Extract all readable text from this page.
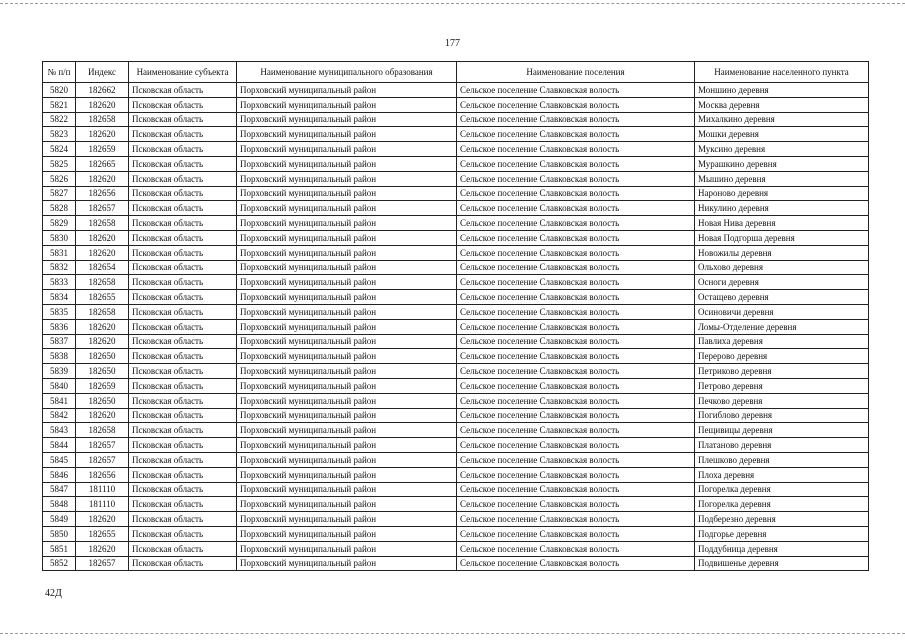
177
№ п/п	Индекс	Наименование субъекта	Наименование муниципального образования	Наименование поселения	Наименование населенного пункта
5820	182662	Псковская область	Порховский муниципальный район	Сельское поселение Славковская волость	Моншино деревня
5821	182620	Псковская область	Порховский муниципальный район	Сельское поселение Славковская волость	Москва деревня
5822	182658	Псковская область	Порховский муниципальный район	Сельское поселение Славковская волость	Михалкино деревня
5823	182620	Псковская область	Порховский муниципальный район	Сельское поселение Славковская волость	Мошки деревня
5824	182659	Псковская область	Порховский муниципальный район	Сельское поселение Славковская волость	Муксино деревня
5825	182665	Псковская область	Порховский муниципальный район	Сельское поселение Славковская волость	Мурашкино деревня
5826	182620	Псковская область	Порховский муниципальный район	Сельское поселение Славковская волость	Мышино деревня
5827	182656	Псковская область	Порховский муниципальный район	Сельское поселение Славковская волость	Нароново деревня
5828	182657	Псковская область	Порховский муниципальный район	Сельское поселение Славковская волость	Никулино деревня
5829	182658	Псковская область	Порховский муниципальный район	Сельское поселение Славковская волость	Новая Нива деревня
5830	182620	Псковская область	Порховский муниципальный район	Сельское поселение Славковская волость	Новая Подгорша деревня
5831	182620	Псковская область	Порховский муниципальный район	Сельское поселение Славковская волость	Новожилы деревня
5832	182654	Псковская область	Порховский муниципальный район	Сельское поселение Славковская волость	Ольхово деревня
5833	182658	Псковская область	Порховский муниципальный район	Сельское поселение Славковская волость	Осноги деревня
5834	182655	Псковская область	Порховский муниципальный район	Сельское поселение Славковская волость	Остащево деревня
5835	182658	Псковская область	Порховский муниципальный район	Сельское поселение Славковская волость	Осиновичи деревня
5836	182620	Псковская область	Порховский муниципальный район	Сельское поселение Славковская волость	Ломы-Отделение деревня
5837	182620	Псковская область	Порховский муниципальный район	Сельское поселение Славковская волость	Павлиха деревня
5838	182650	Псковская область	Порховский муниципальный район	Сельское поселение Славковская волость	Перерово деревня
5839	182650	Псковская область	Порховский муниципальный район	Сельское поселение Славковская волость	Петриково деревня
5840	182659	Псковская область	Порховский муниципальный район	Сельское поселение Славковская волость	Петрово деревня
5841	182650	Псковская область	Порховский муниципальный район	Сельское поселение Славковская волость	Печково деревня
5842	182620	Псковская область	Порховский муниципальный район	Сельское поселение Славковская волость	Погиблово деревня
5843	182658	Псковская область	Порховский муниципальный район	Сельское поселение Славковская волость	Пещивицы деревня
5844	182657	Псковская область	Порховский муниципальный район	Сельское поселение Славковская волость	Платаново деревня
5845	182657	Псковская область	Порховский муниципальный район	Сельское поселение Славковская волость	Плешково деревня
5846	182656	Псковская область	Порховский муниципальный район	Сельское поселение Славковская волость	Плоха деревня
5847	181110	Псковская область	Порховский муниципальный район	Сельское поселение Славковская волость	Погорелка деревня
5848	181110	Псковская область	Порховский муниципальный район	Сельское поселение Славковская волость	Погорелка деревня
5849	182620	Псковская область	Порховский муниципальный район	Сельское поселение Славковская волость	Подберезно деревня
5850	182655	Псковская область	Порховский муниципальный район	Сельское поселение Славковская волость	Подгорье деревня
5851	182620	Псковская область	Порховский муниципальный район	Сельское поселение Славковская волость	Поддубница деревня
5852	182657	Псковская область	Порховский муниципальный район	Сельское поселение Славковская волость	Подвишенье деревня
42Д
